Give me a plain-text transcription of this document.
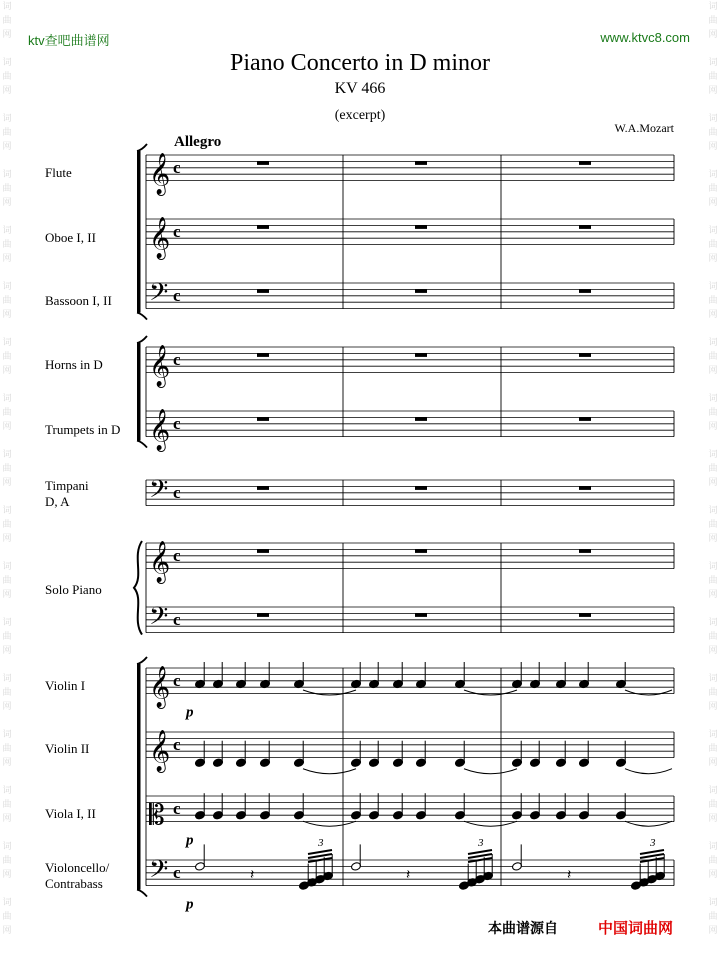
词
曲
网

词
曲
网

词
曲
网

词
曲
网

词
曲
网

词
曲
网

词
曲
网

词
曲
网

词
曲
网

词
曲
网

词
曲
网

词
曲
网

词
曲
网

词
曲
网

词
曲
网

词
曲
网

词
曲
网

词
曲
网

词
曲
网

词
曲
网

词
曲
网

词
曲
网

词
曲
网

词
曲
网

词
曲
网

词
曲
网

词
曲
网

词
曲
网

词
曲
网

词
曲
网

词
曲
网

词
曲
网

词
曲
网

词
曲
网

ktv查吧曲谱网	www.ktvc8.com
Piano Concerto in D minor
KV 466
(excerpt)
W.A.Mozart
Allegro
Flute
Oboe I, II
Bassoon I, II
Horns in D
Trumpets in D
Timpani
D, A
Solo Piano
Violin I
Violin II
Viola I, II
Violoncello/
Contrabass
𝄞 c
𝄞 c
𝄢 c
𝄞 c
𝄞 c
𝄢 c
𝄞 c
𝄢 c
𝄞 c
𝄞 c
𝄡 c
𝄢 c	𝄽
3
𝄽
3
𝄽
3
p
p
p
本曲谱源自	中国词曲网
